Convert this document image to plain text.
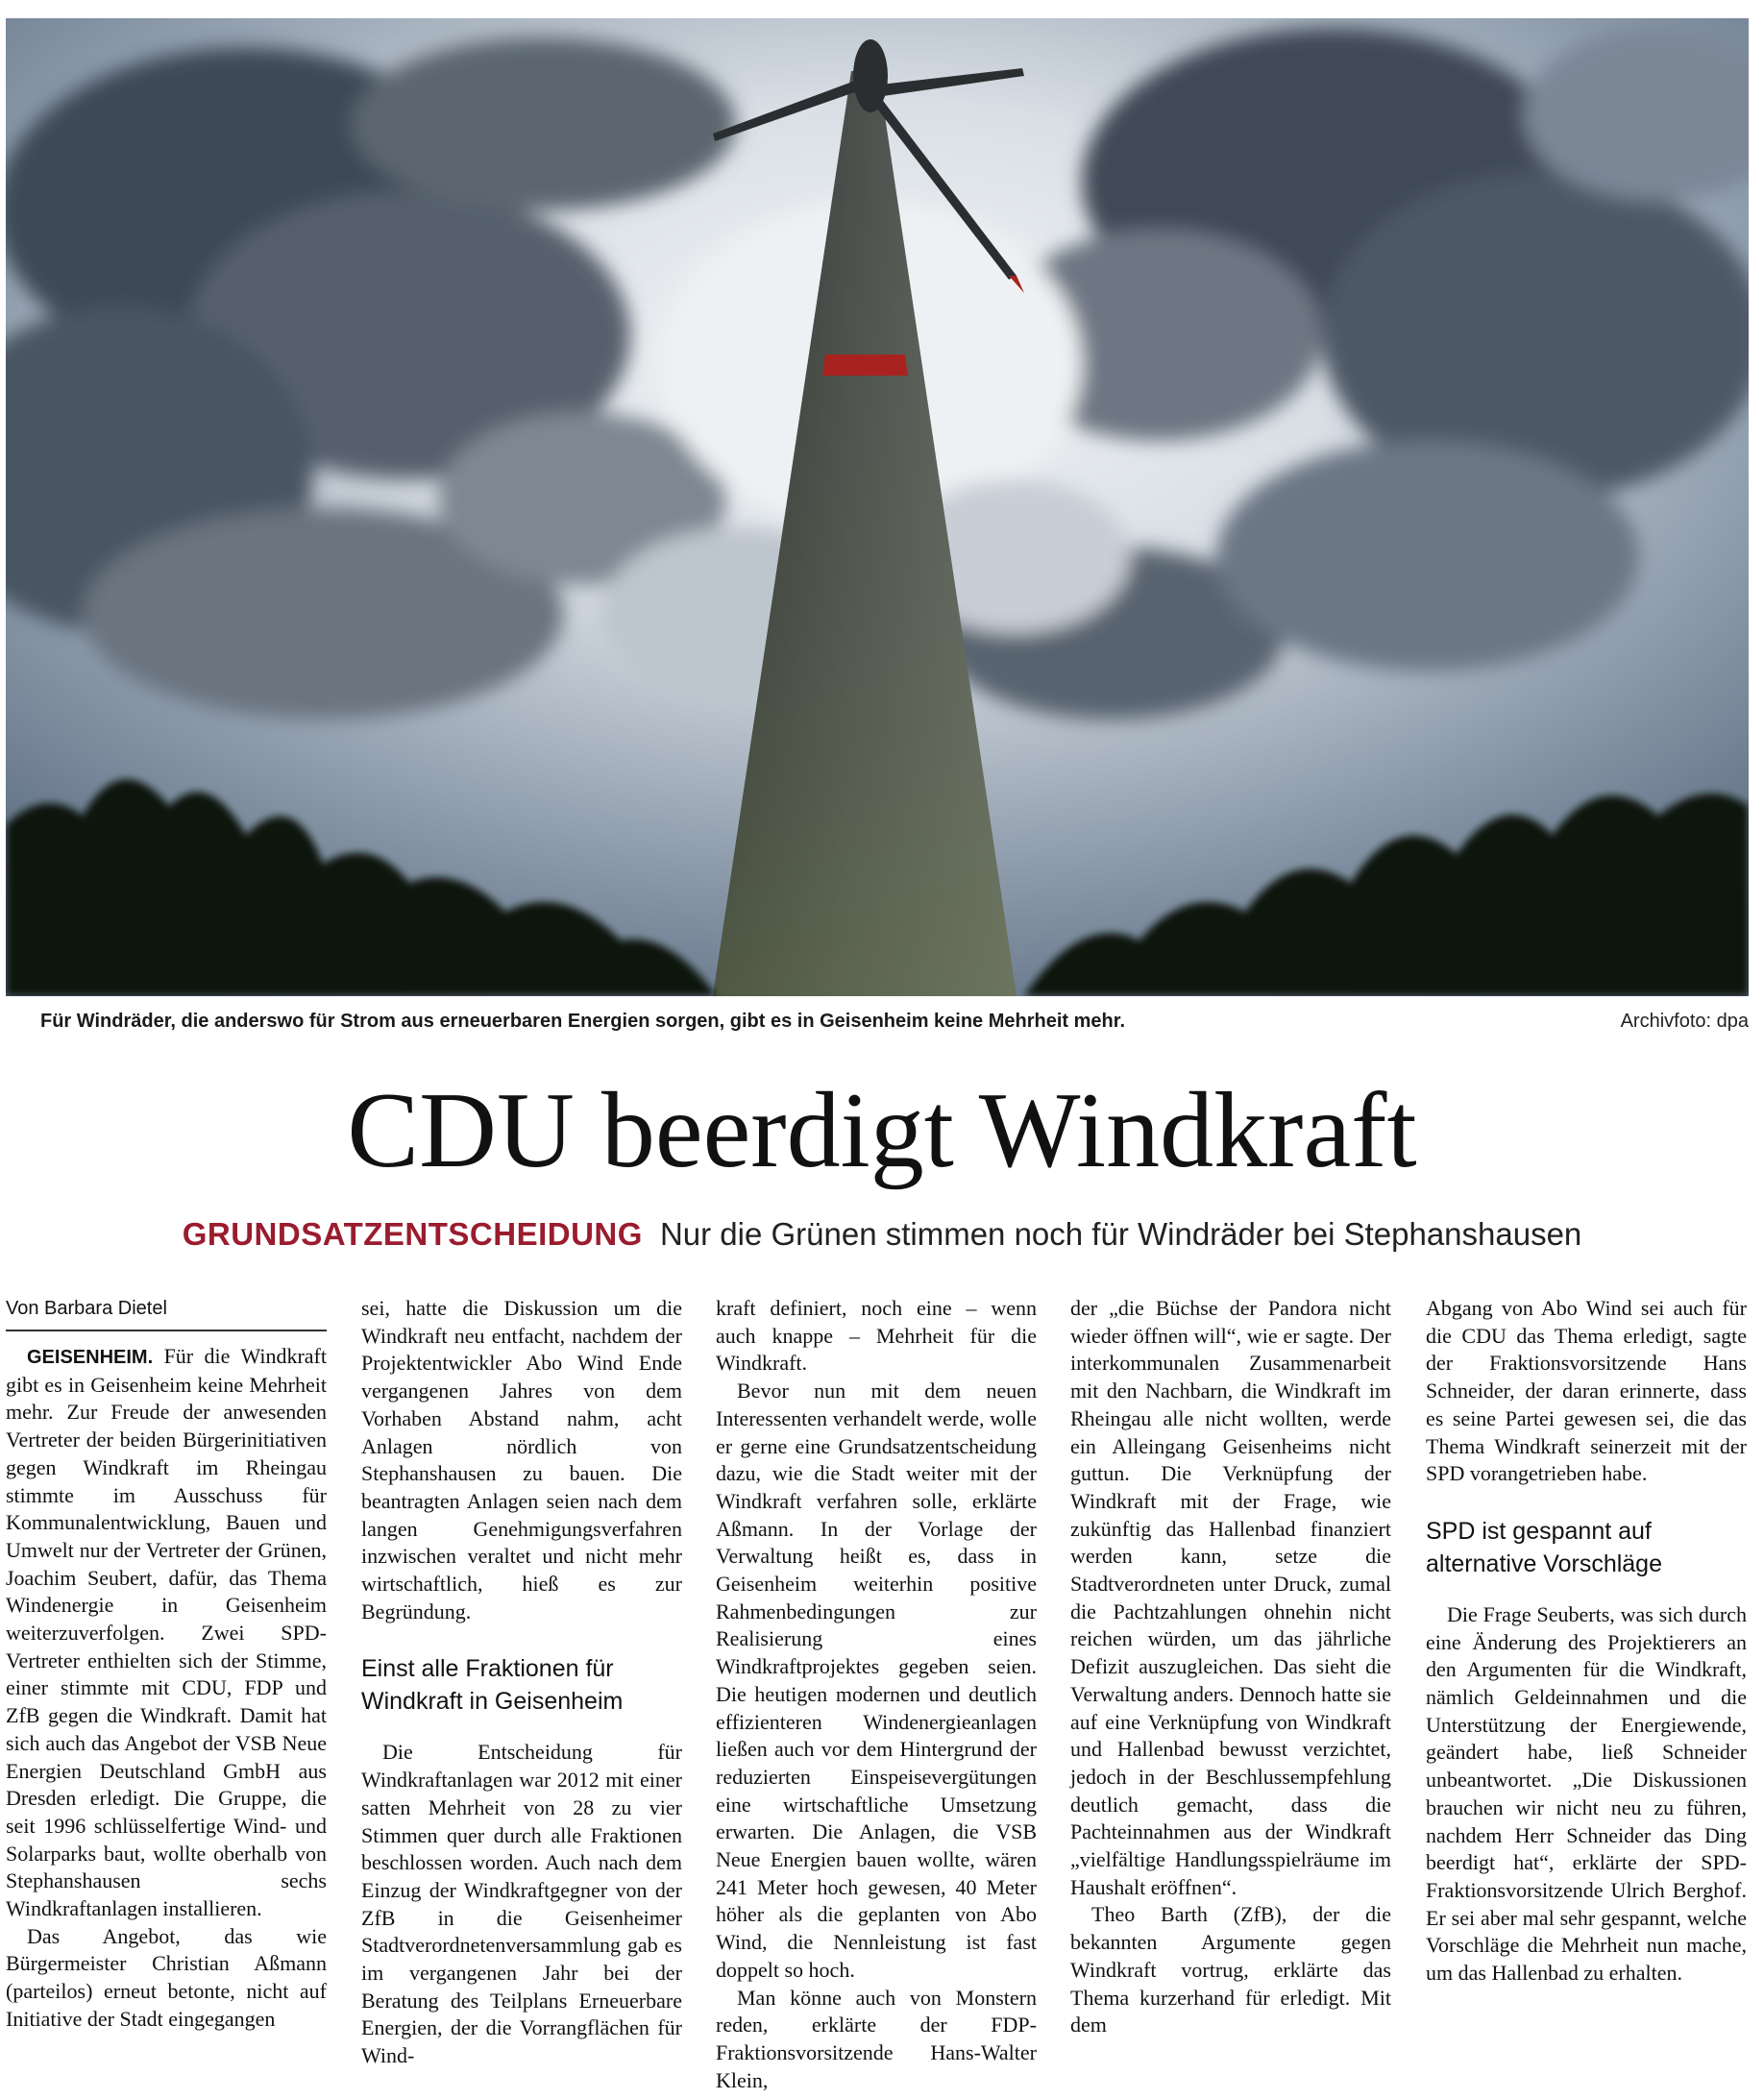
Für Windräder, die anderswo für Strom aus erneuerbaren Energien sorgen, gibt es in Geisenheim keine Mehrheit mehr.	Archivfoto: dpa
CDU beerdigt Windkraft
GRUNDSATZENTSCHEIDUNG Nur die Grünen stimmen noch für Windräder bei Stephanshausen
Von Barbara Dietel

GEISENHEIM. Für die Windkraft gibt es in Geisenheim keine Mehrheit mehr. Zur Freude der anwesenden Vertreter der beiden Bürgerinitiativen gegen Windkraft im Rheingau stimmte im Ausschuss für Kommunalentwicklung, Bauen und Umwelt nur der Vertreter der Grünen, Joachim Seubert, dafür, das Thema Windenergie in Geisenheim weiterzuverfolgen. Zwei SPD-Vertreter enthielten sich der Stimme, einer stimmte mit CDU, FDP und ZfB gegen die Windkraft. Damit hat sich auch das Angebot der VSB Neue Energien Deutschland GmbH aus Dresden erledigt. Die Gruppe, die seit 1996 schlüsselfertige Wind- und Solarparks baut, wollte oberhalb von Stephanshausen sechs Windkraftanlagen installieren.

Das Angebot, das wie Bürgermeister Christian Aßmann (parteilos) erneut betonte, nicht auf Initiative der Stadt eingegangen

sei, hatte die Diskussion um die Windkraft neu entfacht, nachdem der Projektentwickler Abo Wind Ende vergangenen Jahres von dem Vorhaben Abstand nahm, acht Anlagen nördlich von Stephanshausen zu bauen. Die beantragten Anlagen seien nach dem langen Genehmigungsverfahren inzwischen veraltet und nicht mehr wirtschaftlich, hieß es zur Begründung.

Einst alle Fraktionen für Windkraft in Geisenheim

Die Entscheidung für Windkraftanlagen war 2012 mit einer satten Mehrheit von 28 zu vier Stimmen quer durch alle Fraktionen beschlossen worden. Auch nach dem Einzug der Windkraftgegner von der ZfB in die Geisenheimer Stadtverordnetenversammlung gab es im vergangenen Jahr bei der Beratung des Teilplans Erneuerbare Energien, der die Vorrangflächen für Wind-

kraft definiert, noch eine – wenn auch knappe – Mehrheit für die Windkraft.

Bevor nun mit dem neuen Interessenten verhandelt werde, wolle er gerne eine Grundsatzentscheidung dazu, wie die Stadt weiter mit der Windkraft verfahren solle, erklärte Aßmann. In der Vorlage der Verwaltung heißt es, dass in Geisenheim weiterhin positive Rahmenbedingungen zur Realisierung eines Windkraftprojektes gegeben seien. Die heutigen modernen und deutlich effizienteren Windenergieanlagen ließen auch vor dem Hintergrund der reduzierten Einspeisevergütungen eine wirtschaftliche Umsetzung erwarten. Die Anlagen, die VSB Neue Energien bauen wollte, wären 241 Meter hoch gewesen, 40 Meter höher als die geplanten von Abo Wind, die Nennleistung ist fast doppelt so hoch.

Man könne auch von Monstern reden, erklärte der FDP-Fraktionsvorsitzende Hans-Walter Klein,

der „die Büchse der Pandora nicht wieder öffnen will“, wie er sagte. Der interkommunalen Zusammenarbeit mit den Nachbarn, die Windkraft im Rheingau alle nicht wollten, werde ein Alleingang Geisenheims nicht guttun. Die Verknüpfung der Windkraft mit der Frage, wie zukünftig das Hallenbad finanziert werden kann, setze die Stadtverordneten unter Druck, zumal die Pachtzahlungen ohnehin nicht reichen würden, um das jährliche Defizit auszugleichen. Das sieht die Verwaltung anders. Dennoch hatte sie auf eine Verknüpfung von Windkraft und Hallenbad bewusst verzichtet, jedoch in der Beschlussempfehlung deutlich gemacht, dass die Pachteinnahmen aus der Windkraft „vielfältige Handlungsspielräume im Haushalt eröffnen“.

Theo Barth (ZfB), der die bekannten Argumente gegen Windkraft vortrug, erklärte das Thema kurzerhand für erledigt. Mit dem

Abgang von Abo Wind sei auch für die CDU das Thema erledigt, sagte der Fraktionsvorsitzende Hans Schneider, der daran erinnerte, dass es seine Partei gewesen sei, die das Thema Windkraft seinerzeit mit der SPD vorangetrieben habe.

SPD ist gespannt auf alternative Vorschläge

Die Frage Seuberts, was sich durch eine Änderung des Projektierers an den Argumenten für die Windkraft, nämlich Geldeinnahmen und die Unterstützung der Energiewende, geändert habe, ließ Schneider unbeantwortet. „Die Diskussionen brauchen wir nicht neu zu führen, nachdem Herr Schneider das Ding beerdigt hat“, erklärte der SPD-Fraktionsvorsitzende Ulrich Berghof. Er sei aber mal sehr gespannt, welche Vorschläge die Mehrheit nun mache, um das Hallenbad zu erhalten.
